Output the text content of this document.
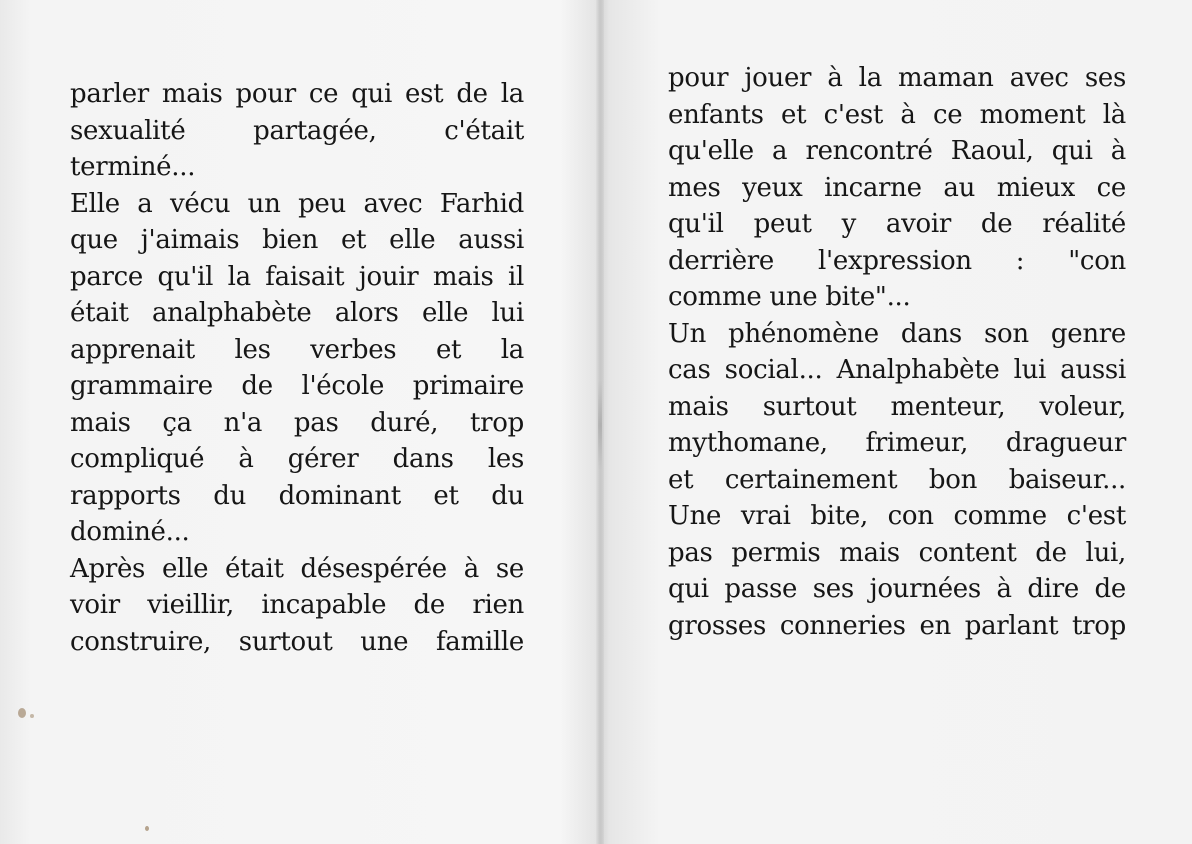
parler mais pour ce qui est de la
sexualité partagée, c'était
terminé...
Elle a vécu un peu avec Farhid
que j'aimais bien et elle aussi
parce qu'il la faisait jouir mais il
était analphabète alors elle lui
apprenait les verbes et la
grammaire de l'école primaire
mais ça n'a pas duré, trop
compliqué à gérer dans les
rapports du dominant et du
dominé...
Après elle était désespérée à se
voir vieillir, incapable de rien
construire, surtout une famille
pour jouer à la maman avec ses
enfants et c'est à ce moment là
qu'elle a rencontré Raoul, qui à
mes yeux incarne au mieux ce
qu'il peut y avoir de réalité
derrière l'expression : "con
comme une bite"...
Un phénomène dans son genre
cas social... Analphabète lui aussi
mais surtout menteur, voleur,
mythomane, frimeur, dragueur
et certainement bon baiseur...
Une vrai bite, con comme c'est
pas permis mais content de lui,
qui passe ses journées à dire de
grosses conneries en parlant trop
